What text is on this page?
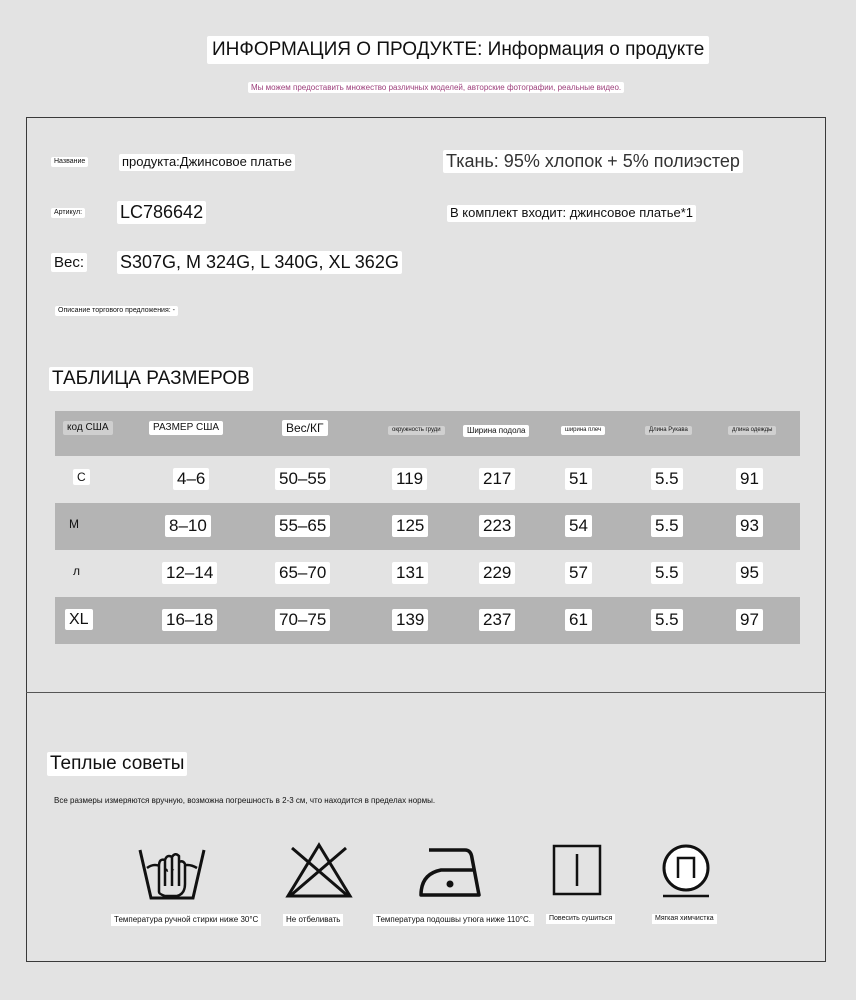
ИНФОРМАЦИЯ О ПРОДУКТЕ: Информация о продукте
Мы можем предоставить множество различных моделей, авторские фотографии, реальные видео.
Название	продукта:Джинсовое платье	Ткань: 95% хлопок + 5% полиэстер
Артикул: LC786642	В комплект входит: джинсовое платье*1
Вес: S307G, M 324G, L 340G, XL 362G
Описание торгового предложения: -
ТАБЛИЦА РАЗМЕРОВ
код США	РАЗМЕР США	Вес/КГ	окружность груди	Ширина подола	ширина плеч	Длина Рукава	длина одежды
С	4–6	50–55	119	217	51	5.5	91
М	8–10	55–65	125	223	54	5.5	93
л	12–14	65–70	131	229	57	5.5	95
XL	16–18	70–75	139	237	61	5.5	97
Теплые советы
Все размеры измеряются вручную, возможна погрешность в 2-3 см, что находится в пределах нормы.
Температура ручной стирки ниже 30°C	Не отбеливать	Температура подошвы утюга ниже 110°C.	Повесить сушиться	Мягкая химчистка
